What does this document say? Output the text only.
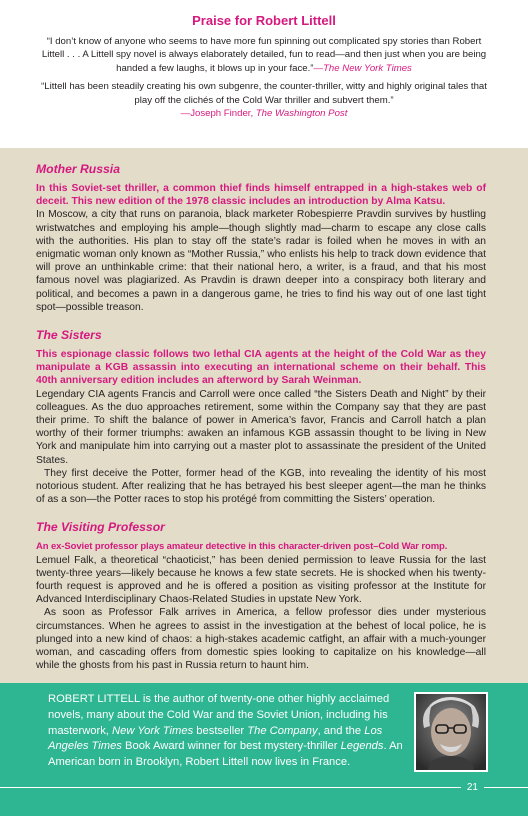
Praise for Robert Littell

“I don’t know of anyone who seems to have more fun spinning out complicated spy stories than Robert Littell . . . A Littell spy novel is always elaborately detailed, fun to read—and then just when you are being handed a few laughs, it blows up in your face.”—The New York Times

“Littell has been steadily creating his own subgenre, the counter-thriller, witty and highly original tales that play off the clichés of the Cold War thriller and subvert them.”
—Joseph Finder, The Washington Post

Mother Russia

In this Soviet-set thriller, a common thief finds himself entrapped in a high-stakes web of deceit. This new edition of the 1978 classic includes an introduction by Alma Katsu.

In Moscow, a city that runs on paranoia, black marketer Robespierre Pravdin survives by hustling wristwatches and employing his ample—though slightly mad—charm to escape any close calls with the authorities. His plan to stay off the state’s radar is foiled when he moves in with an enigmatic woman only known as “Mother Russia,” who enlists his help to track down evidence that will prove an unthinkable crime: that their national hero, a writer, is a fraud, and that his most famous novel was plagiarized. As Pravdin is drawn deeper into a conspiracy both literary and political, and becomes a pawn in a dangerous game, he tries to find his way out of one last tight spot—possible treason.

The Sisters

This espionage classic follows two lethal CIA agents at the height of the Cold War as they manipulate a KGB assassin into executing an international scheme on their behalf. This 40th anniversary edition includes an afterword by Sarah Weinman.

Legendary CIA agents Francis and Carroll were once called “the Sisters Death and Night” by their colleagues. As the duo approaches retirement, some within the Company say that they are past their prime. To shift the balance of power in America’s favor, Francis and Carroll hatch a plan worthy of their former triumphs: awaken an infamous KGB assassin thought to be living in New York and manipulate him into carrying out a master plot to assassinate the president of the United States.

They first deceive the Potter, former head of the KGB, into revealing the identity of his most notorious student. After realizing that he has betrayed his best sleeper agent—the man he thinks of as a son—the Potter races to stop his protégé from committing the Sisters’ operation.

The Visiting Professor

An ex-Soviet professor plays amateur detective in this character-driven post–Cold War romp.

Lemuel Falk, a theoretical “chaoticist,” has been denied permission to leave Russia for the last twenty-three years—likely because he knows a few state secrets. He is shocked when his twenty-fourth request is approved and he is offered a position as visiting professor at the Institute for Advanced Interdisciplinary Chaos-Related Studies in upstate New York.

As soon as Professor Falk arrives in America, a fellow professor dies under mysterious circumstances. When he agrees to assist in the investigation at the behest of local police, he is plunged into a new kind of chaos: a high-stakes academic catfight, an affair with a much-younger woman, and cascading offers from domestic spies looking to capitalize on his knowledge—all while the ghosts from his past in Russia return to haunt him.

ROBERT LITTELL is the author of twenty-one other highly acclaimed novels, many about the Cold War and the Soviet Union, including his masterwork, New York Times bestseller The Company, and the Los Angeles Times Book Award winner for best mystery-thriller Legends. An American born in Brooklyn, Robert Littell now lives in France.

21
